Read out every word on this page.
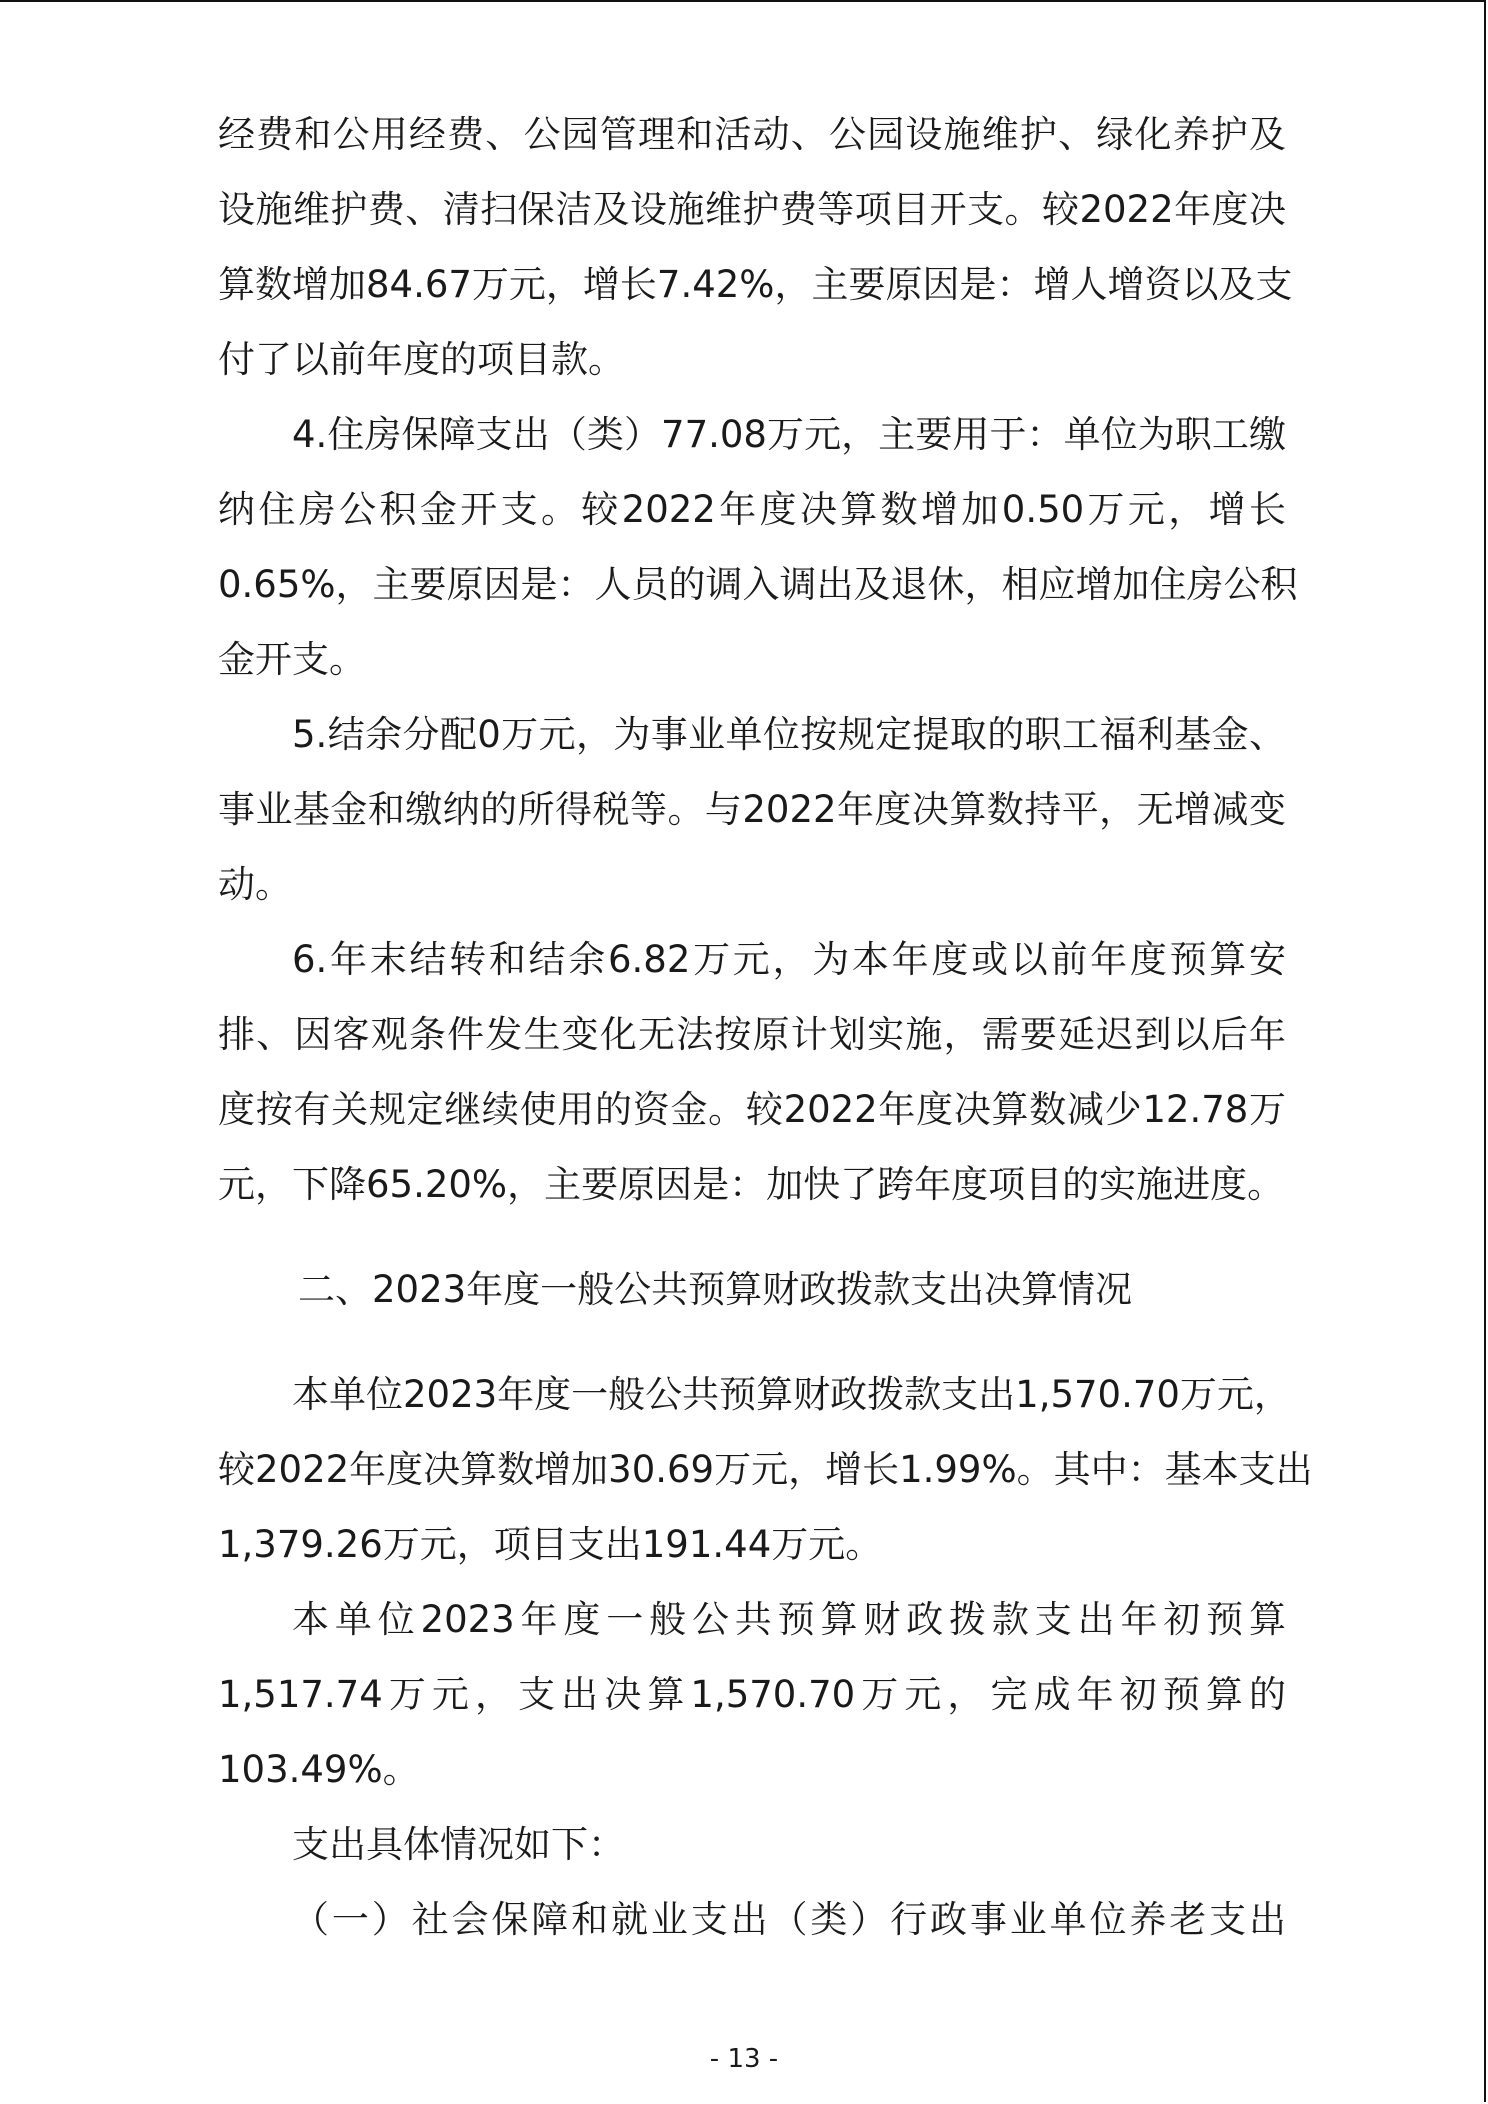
经费和公用经费、公园管理和活动、公园设施维护、绿化养护及
设施维护费、清扫保洁及设施维护费等项目开支。较2022年度决
算数增加84.67万元，增长7.42%，主要原因是：增人增资以及支
付了以前年度的项目款。
4.住房保障支出（类）77.08万元，主要用于：单位为职工缴
纳住房公积金开支。较2022年度决算数增加0.50万元，增长
0.65%，主要原因是：人员的调入调出及退休，相应增加住房公积
金开支。
5.结余分配0万元，为事业单位按规定提取的职工福利基金、
事业基金和缴纳的所得税等。与2022年度决算数持平，无增减变
动。
6.年末结转和结余6.82万元，为本年度或以前年度预算安
排、因客观条件发生变化无法按原计划实施，需要延迟到以后年
度按有关规定继续使用的资金。较2022年度决算数减少12.78万
元，下降65.20%，主要原因是：加快了跨年度项目的实施进度。
二、2023年度一般公共预算财政拨款支出决算情况
本单位2023年度一般公共预算财政拨款支出1,570.70万元，
较2022年度决算数增加30.69万元，增长1.99%。其中：基本支出
1,379.26万元，项目支出191.44万元。
本单位2023年度一般公共预算财政拨款支出年初预算
1,517.74万元，支出决算1,570.70万元，完成年初预算的
103.49%。
支出具体情况如下：
（一）社会保障和就业支出（类）行政事业单位养老支出
- 13 -
